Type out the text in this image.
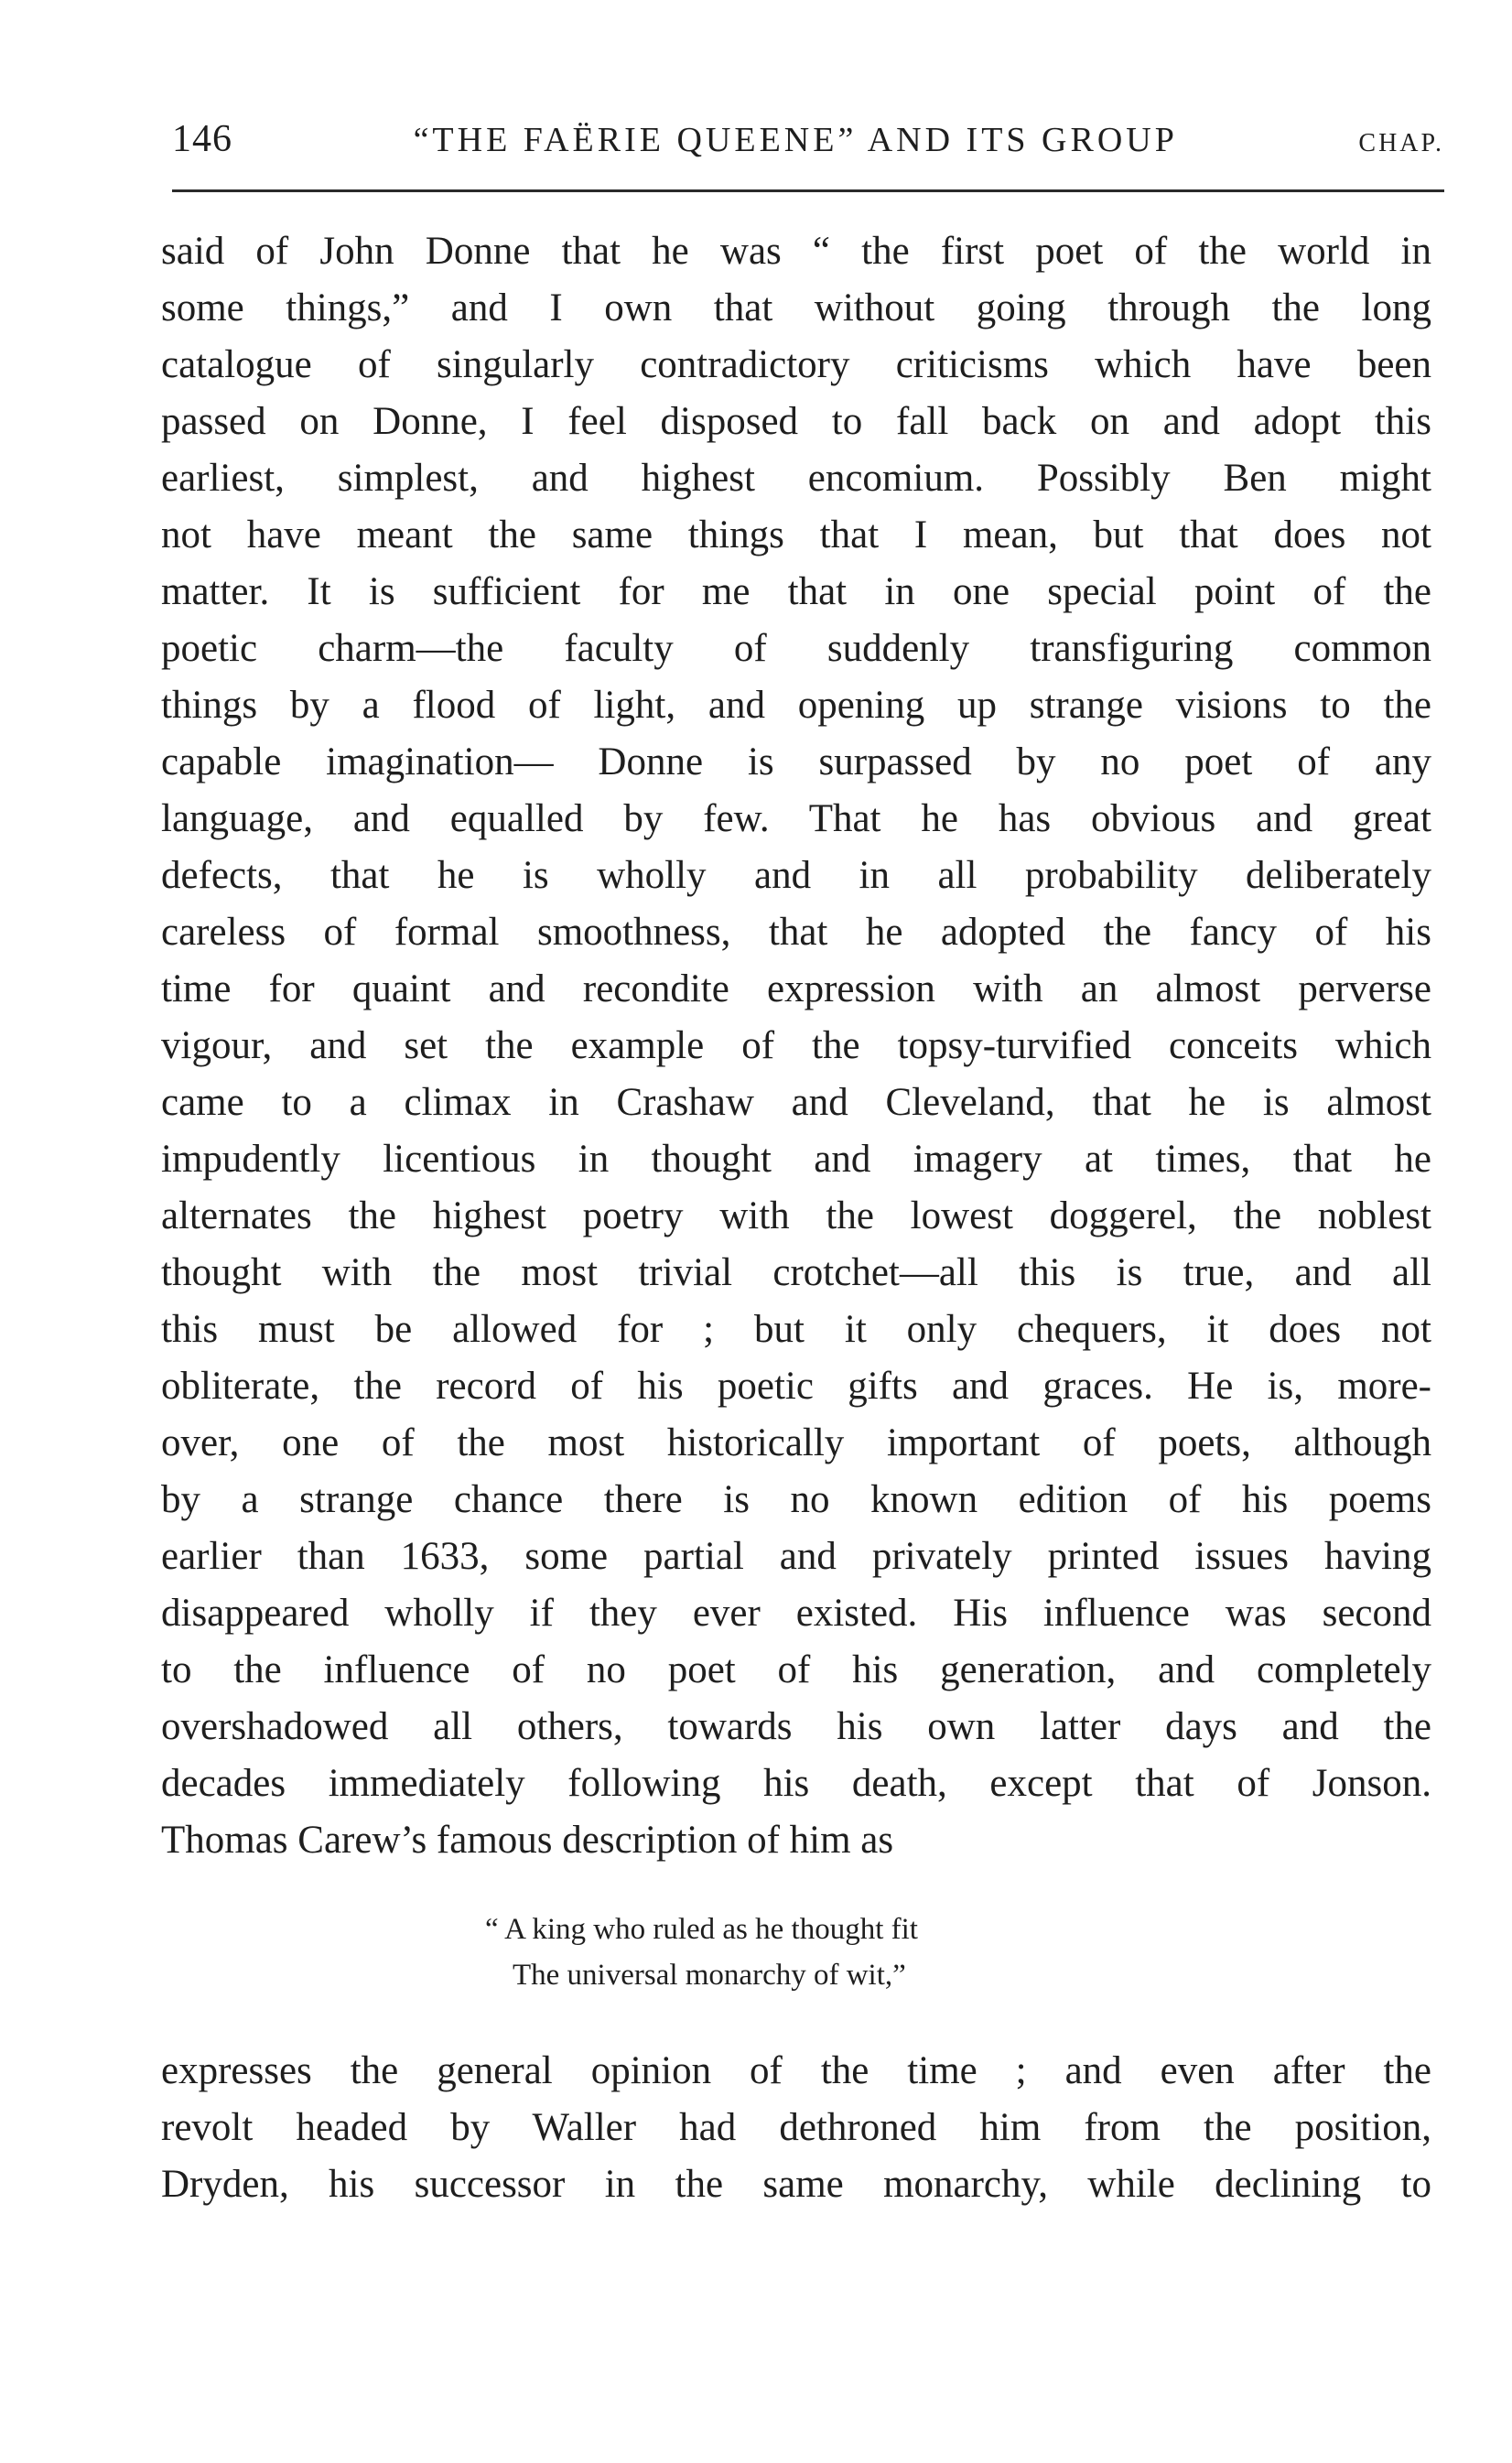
146	“THE FAËRIE QUEENE” AND ITS GROUP	CHAP.
said of John Donne that he was “ the first poet of the world in
some things,” and I own that without going through the long
catalogue of singularly contradictory criticisms which have been
passed on Donne, I feel disposed to fall back on and adopt this
earliest, simplest, and highest encomium. Possibly Ben might
not have meant the same things that I mean, but that does not
matter. It is sufficient for me that in one special point of the
poetic charm—the faculty of suddenly transfiguring common
things by a flood of light, and opening up strange visions to the
capable imagination— Donne is surpassed by no poet of any
language, and equalled by few. That he has obvious and great
defects, that he is wholly and in all probability deliberately
careless of formal smoothness, that he adopted the fancy of his
time for quaint and recondite expression with an almost perverse
vigour, and set the example of the topsy-turvified conceits which
came to a climax in Crashaw and Cleveland, that he is almost
impudently licentious in thought and imagery at times, that he
alternates the highest poetry with the lowest doggerel, the noblest
thought with the most trivial crotchet—all this is true, and all
this must be allowed for ; but it only chequers, it does not
obliterate, the record of his poetic gifts and graces. He is, more-
over, one of the most historically important of poets, although
by a strange chance there is no known edition of his poems
earlier than 1633, some partial and privately printed issues having
disappeared wholly if they ever existed. His influence was second
to the influence of no poet of his generation, and completely
overshadowed all others, towards his own latter days and the
decades immediately following his death, except that of Jonson.
Thomas Carew’s famous description of him as
“ A king who ruled as he thought fit
The universal monarchy of wit,”
expresses the general opinion of the time ; and even after the
revolt headed by Waller had dethroned him from the position,
Dryden, his successor in the same monarchy, while declining to
